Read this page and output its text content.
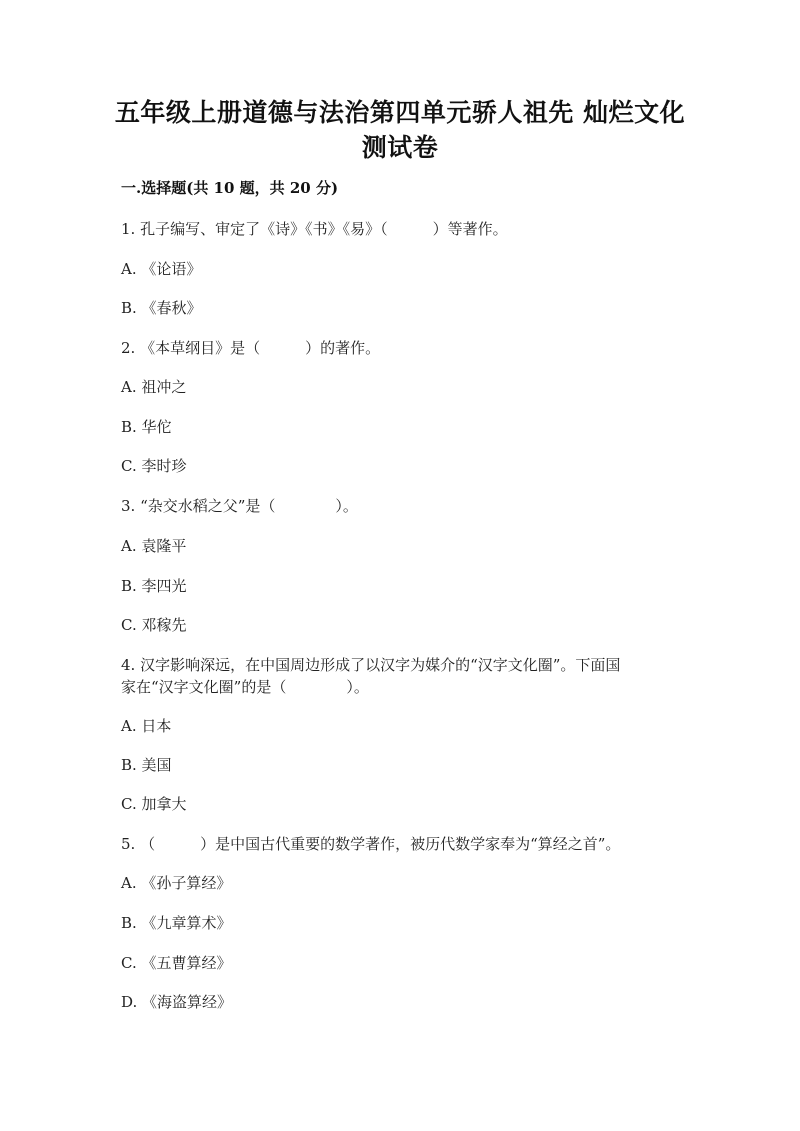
五年级上册道德与法治第四单元骄人祖先 灿烂文化
测试卷
一.选择题(共 10 题，共 20 分)
1. 孔子编写、审定了《诗》《书》《易》（　　　）等著作。
A. 《论语》
B. 《春秋》
2. 《本草纲目》是（　　　）的著作。
A. 祖冲之
B. 华佗
C. 李时珍
3. “杂交水稻之父”是（　　　　）。
A. 袁隆平
B. 李四光
C. 邓稼先
4. 汉字影响深远，在中国周边形成了以汉字为媒介的“汉字文化圈”。下面国
家在“汉字文化圈”的是（　　　　）。
A. 日本
B. 美国
C. 加拿大
5. （　　　）是中国古代重要的数学著作，被历代数学家奉为“算经之首”。
A. 《孙子算经》
B. 《九章算术》
C. 《五曹算经》
D. 《海盗算经》
